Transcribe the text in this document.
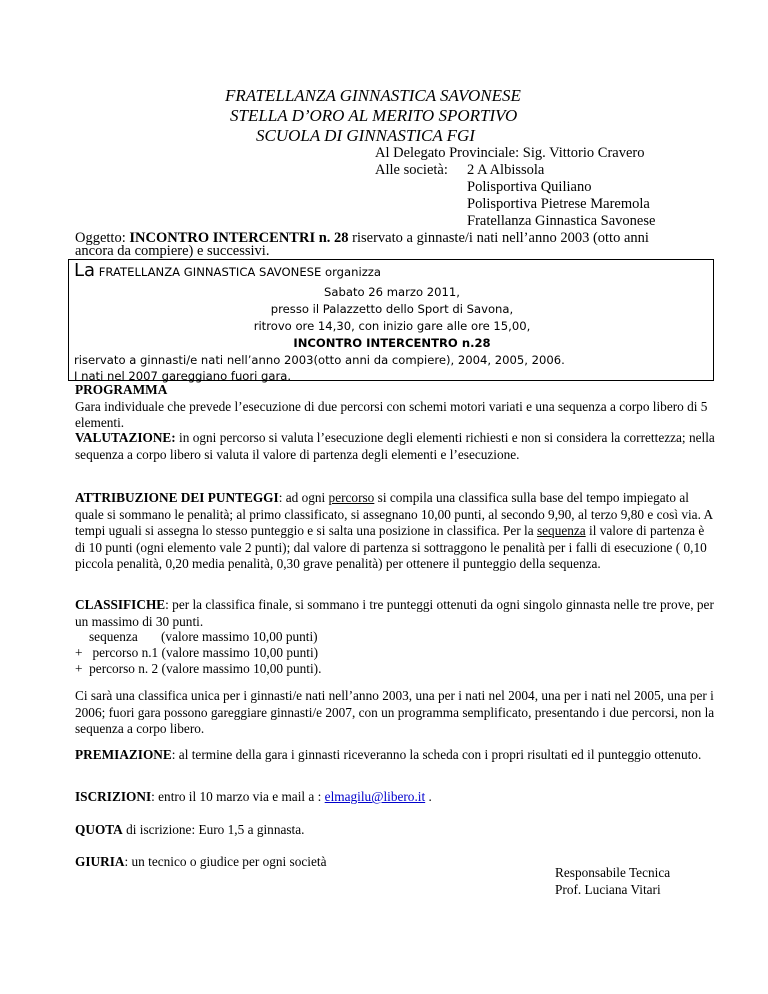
FRATELLANZA GINNASTICA SAVONESE
STELLA D’ORO AL MERITO SPORTIVO
SCUOLA DI GINNASTICA FGI
Al Delegato Provinciale: Sig. Vittorio Cravero
Alle società: 2 A Albissola
Polisportiva Quiliano
Polisportiva Pietrese Maremola
Fratellanza Ginnastica Savonese
Oggetto: INCONTRO INTERCENTRI n. 28 riservato a ginnaste/i nati nell’anno 2003 (otto anni
ancora da compiere) e successivi.
La FRATELLANZA GINNASTICA SAVONESE organizza
Sabato 26 marzo 2011,
presso il Palazzetto dello Sport di Savona,
ritrovo ore 14,30, con inizio gare alle ore 15,00,
INCONTRO INTERCENTRO n.28
riservato a ginnasti/e nati nell’anno 2003(otto anni da compiere), 2004, 2005, 2006.
I nati nel 2007 gareggiano fuori gara.
PROGRAMMA
Gara individuale che prevede l’esecuzione di due percorsi con schemi motori variati e una sequenza a corpo libero di 5 elementi.
VALUTAZIONE: in ogni percorso si valuta l’esecuzione degli elementi richiesti e non si considera la correttezza; nella sequenza a corpo libero si valuta il valore di partenza degli elementi e l’esecuzione.
ATTRIBUZIONE DEI PUNTEGGI: ad ogni percorso si compila una classifica sulla base del tempo impiegato al quale si sommano le penalità; al primo classificato, si assegnano 10,00 punti, al secondo 9,90, al terzo 9,80 e così via. A tempi uguali si assegna lo stesso punteggio e si salta una posizione in classifica. Per la sequenza il valore di partenza è di 10 punti (ogni elemento vale 2 punti); dal valore di partenza si sottraggono le penalità per i falli di esecuzione ( 0,10 piccola penalità, 0,20 media penalità, 0,30 grave penalità) per ottenere il punteggio della sequenza.
CLASSIFICHE: per la classifica finale, si sommano i tre punteggi ottenuti da ogni singolo ginnasta nelle tre prove, per un massimo di 30 punti.
sequenza       (valore massimo 10,00 punti)
+   percorso n.1 (valore massimo 10,00 punti)
+  percorso n. 2 (valore massimo 10,00 punti).
Ci sarà una classifica unica per i ginnasti/e nati nell’anno 2003, una per i nati nel 2004, una per i nati nel 2005, una per i 2006; fuori gara possono gareggiare ginnasti/e 2007, con un programma semplificato, presentando i due percorsi, non la sequenza a corpo libero.
PREMIAZIONE: al termine della gara i ginnasti riceveranno la scheda con i propri risultati ed il punteggio ottenuto.
ISCRIZIONI: entro il 10 marzo via e mail a : elmagilu@libero.it .
QUOTA di iscrizione: Euro 1,5 a ginnasta.
GIURIA: un tecnico o giudice per ogni società
Responsabile Tecnica
Prof. Luciana Vitari
